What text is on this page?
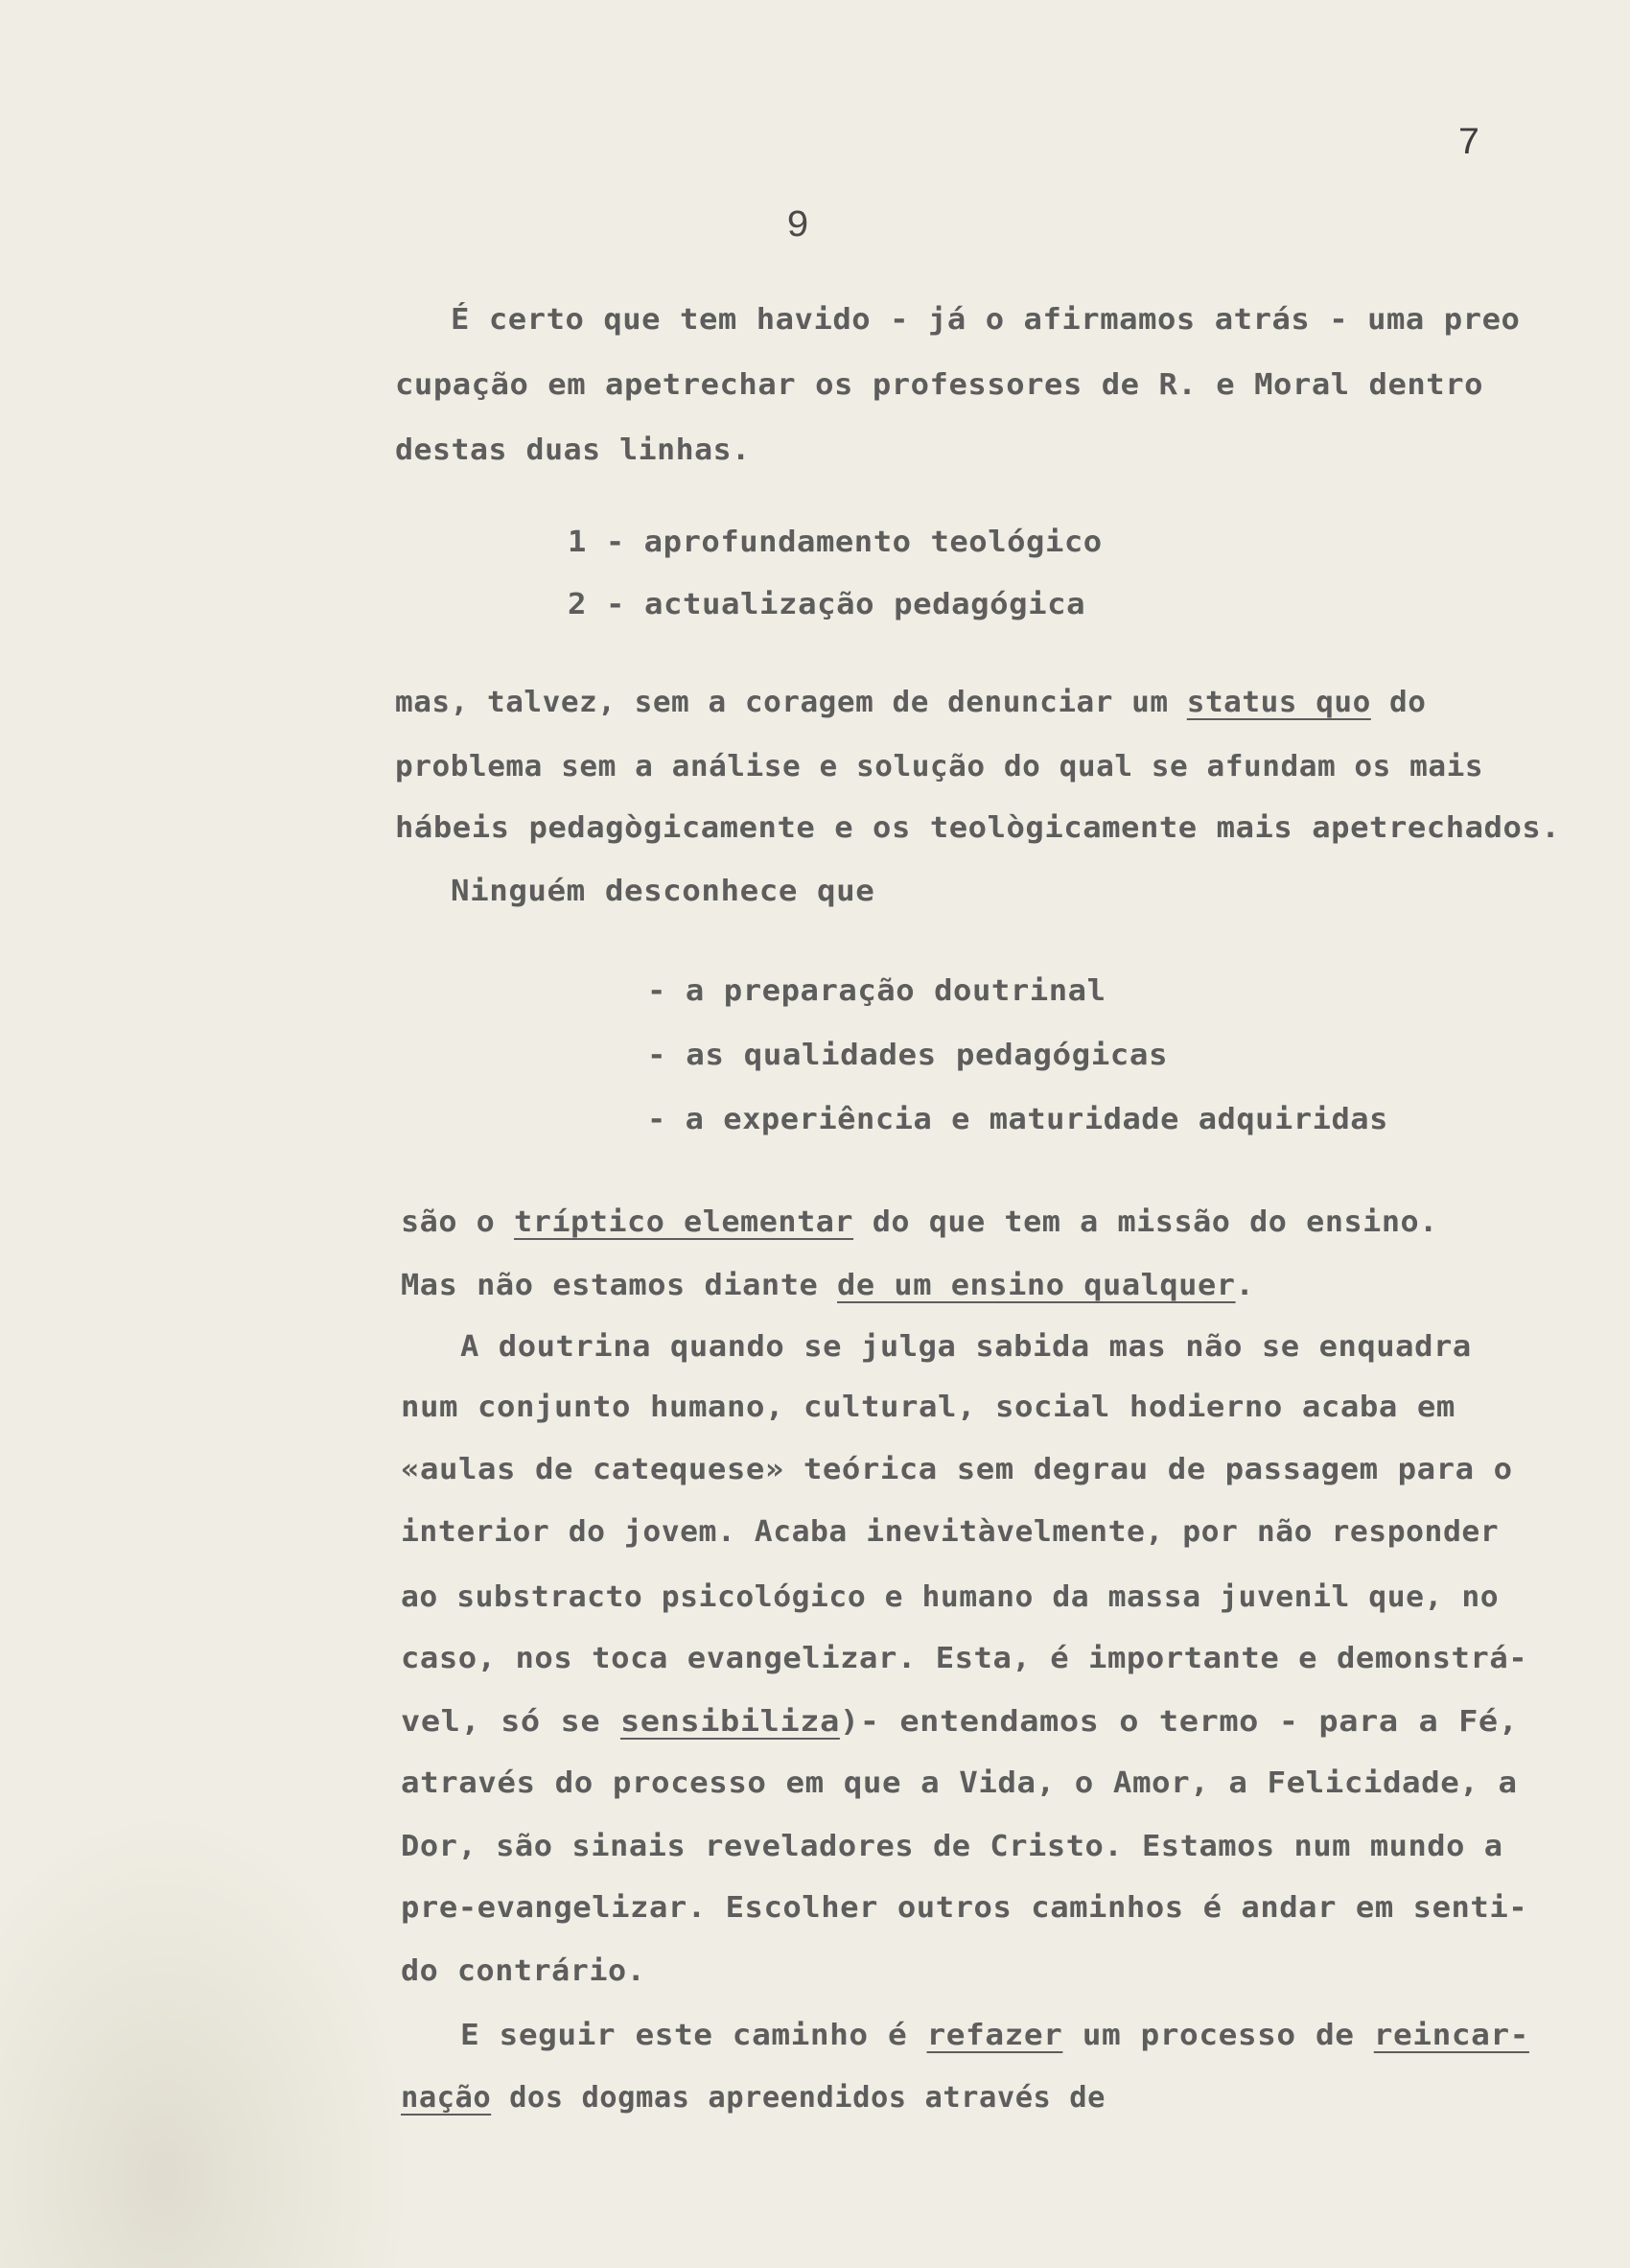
7
9
É certo que tem havido - já o afirmamos atrás - uma preo
cupação em apetrechar os professores de R. e Moral dentro
destas duas linhas.
1 - aprofundamento teológico
2 - actualização pedagógica
mas, talvez, sem a coragem de denunciar um status quo do
problema sem a análise e solução do qual se afundam os mais
hábeis pedagògicamente e os teològicamente mais apetrechados.
Ninguém desconhece que
- a preparação doutrinal
- as qualidades pedagógicas
- a experiência e maturidade adquiridas
são o tríptico elementar do que tem a missão do ensino.
Mas não estamos diante de um ensino qualquer.
A doutrina quando se julga sabida mas não se enquadra
num conjunto humano, cultural, social hodierno acaba em
«aulas de catequese» teórica sem degrau de passagem para o
interior do jovem. Acaba inevitàvelmente, por não responder
ao substracto psicológico e humano da massa juvenil que, no
caso, nos toca evangelizar. Esta, é importante e demonstrá-
vel, só se sensibiliza)- entendamos o termo - para a Fé,
através do processo em que a Vida, o Amor, a Felicidade, a
Dor, são sinais reveladores de Cristo. Estamos num mundo a
pre-evangelizar. Escolher outros caminhos é andar em senti-
do contrário.
E seguir este caminho é refazer um processo de reincar-
nação dos dogmas apreendidos através de
